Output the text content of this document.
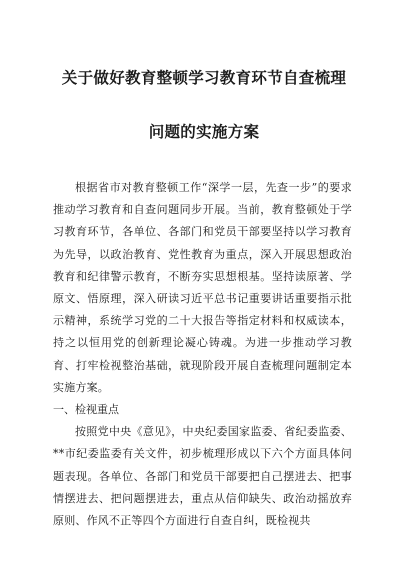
关于做好教育整顿学习教育环节自查梳理
问题的实施方案

根据省市对教育整顿工作“深学一层，先查一步”的要求推动学习教育和自查问题同步开展。当前，教育整顿处于学习教育环节，各单位、各部门和党员干部要坚持以学习教育为先导，以政治教育、党性教育为重点，深入开展思想政治教育和纪律警示教育，不断夯实思想根基。坚持读原著、学原文、悟原理，深入研读习近平总书记重要讲话重要指示批示精神，系统学习党的二十大报告等指定材料和权威读本，持之以恒用党的创新理论凝心铸魂。为进一步推动学习教育、打牢检视整治基础，就现阶段开展自查梳理问题制定本实施方案。

一、检视重点

按照党中央《意见》，中央纪委国家监委、省纪委监委、**市纪委监委有关文件，初步梳理形成以下六个方面具体问题表现。各单位、各部门和党员干部要把自己摆进去、把事情摆进去、把问题摆进去，重点从信仰缺失、政治动摇放弃原则、作风不正等四个方面进行自查自纠，既检视共
